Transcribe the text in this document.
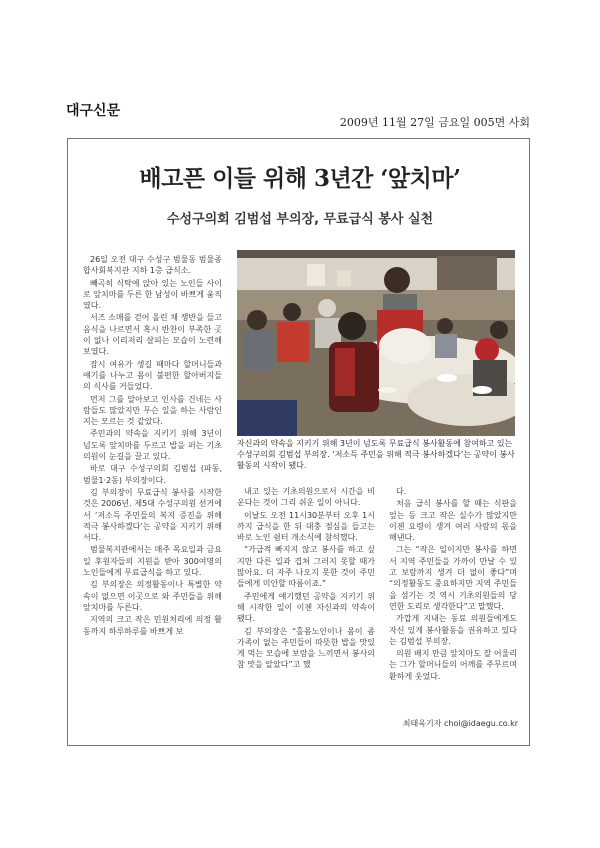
대구신문
2009년 11월 27일 금요일 005면 사회
배고픈 이들 위해 3년간 ‘앞치마’
수성구의회 김범섭 부의장, 무료급식 봉사 실천

26일 오전 대구 수성구 범물동 범물종합사회복지관 지하 1층 급식소.

빼곡히 식탁에 앉아 있는 노인들 사이로 앞치마를 두른 한 남성이 바쁘게 움직였다.

서즈 소매를 걷어 올린 채 쟁반을 들고 음식을 나르면서 혹시 반찬이 부족한 곳이 없나 이리저리 살피는 모습이 노련해 보였다.

잠시 여유가 생길 때마다 할머니들과 얘기를 나누고 몸이 불편한 할아버지들의 식사를 거들었다.

먼저 그를 알아보고 인사를 건네는 사람들도 많았지만 무슨 일을 하는 사람인지는 모르는 것 같았다.

주민과의 약속을 지키기 위해 3년이 넘도록 앞치마를 두르고 밥을 퍼는 기초의원이 눈길을 끌고 있다.

바로 대구 수성구의회 김범섭 (파동, 범물1·2동) 부의장이다.

김 부의장이 무료급식 봉사를 시작한 것은 2006년. 제5대 수성구의원 선거에서 ‘저소득 주민들의 복지 증진을 위해 적극 봉사하겠다’는 공약을 지키기 위해서다.

범물복지관에서는 매주 목요일과 금요일 후원자들의 지원을 받아 300여명의 노인들에게 무료급식을 하고 있다.

김 부의장은 의정활동이나 특별한 약속이 없으면 이곳으로 와 주민들을 위해 앞치마를 두른다.

지역의 크고 작은 민원처리에 의정 활동까지 하루하루를 바쁘게 보

자신과의 약속을 지키기 위해 3년이 넘도록 무료급식 봉사활동에 참여하고 있는 수성구의회 김범섭 부의장. ‘저소득 주민을 위해 적극 봉사하겠다’는 공약이 봉사활동의 시작이 됐다.

내고 있는 기초의원으로서 시간을 비운다는 것이 그리 쉬운 일이 아니다.

이날도 오전 11시30분부터 오후 1시까지 급식을 한 뒤 대충 점심을 들고는 바로 노인 쉼터 개소식에 참석했다.

“가급적 빠지지 않고 봉사를 하고 싶지만 다른 일과 겹쳐 그러지 못할 때가 많아요. 더 자주 나오지 못한 것이 주민들에게 미안할 따름이죠.”

주민에게 얘기했던 공약을 지키기 위해 시작한 일이 이젠 자신과의 약속이 됐다.

김 부의장은 “홀몸노인이나 몸이 좀 가족이 없는 주민들이 따뜻한 밥을 맛있게 먹는 모습에 보람을 느끼면서 봉사의 참 맛을 알았다”고 했

다.

처음 급식 봉사를 할 때는 식판을 엎는 등 크고 작은 실수가 많았지만 이젠 요령이 생겨 여러 사람의 몫을 해낸다.

그는 “작은 일이지만 봉사를 하면서 지역 주민들을 가까이 만날 수 있고 보람까지 생겨 더 없이 좋다”며 “의정활동도 중요하지만 지역 주민들을 섬기는 것 역시 기초의원들의 당연한 도리로 생각한다”고 말했다.

가깝게 지내는 동료 의원들에게도 자신 있게 봉사활동을 권유하고 있다는 김범섭 부의장.

의원 배지 만큼 앞치마도 잘 어울리는 그가 할머니들의 어깨를 주무르며 환하게 웃었다.

최태욱기자 choi@idaegu.co.kr
